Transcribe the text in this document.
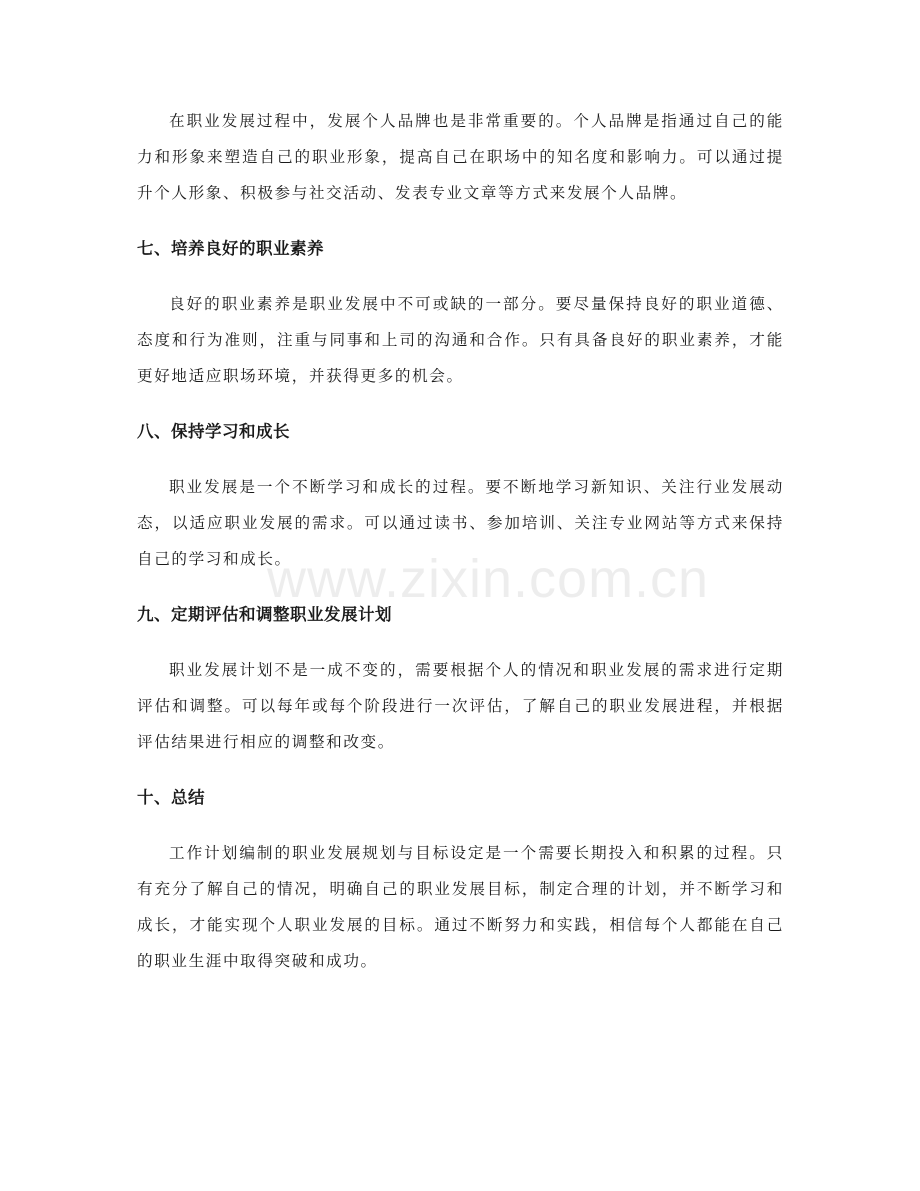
在职业发展过程中，发展个人品牌也是非常重要的。个人品牌是指通过自己的能力和形象来塑造自己的职业形象，提高自己在职场中的知名度和影响力。可以通过提升个人形象、积极参与社交活动、发表专业文章等方式来发展个人品牌。

七、培养良好的职业素养

良好的职业素养是职业发展中不可或缺的一部分。要尽量保持良好的职业道德、态度和行为准则，注重与同事和上司的沟通和合作。只有具备良好的职业素养，才能更好地适应职场环境，并获得更多的机会。

八、保持学习和成长

职业发展是一个不断学习和成长的过程。要不断地学习新知识、关注行业发展动态，以适应职业发展的需求。可以通过读书、参加培训、关注专业网站等方式来保持自己的学习和成长。

九、定期评估和调整职业发展计划

职业发展计划不是一成不变的，需要根据个人的情况和职业发展的需求进行定期评估和调整。可以每年或每个阶段进行一次评估，了解自己的职业发展进程，并根据评估结果进行相应的调整和改变。

十、总结

工作计划编制的职业发展规划与目标设定是一个需要长期投入和积累的过程。只有充分了解自己的情况，明确自己的职业发展目标，制定合理的计划，并不断学习和成长，才能实现个人职业发展的目标。通过不断努力和实践，相信每个人都能在自己的职业生涯中取得突破和成功。

www.zixin.com.cn
